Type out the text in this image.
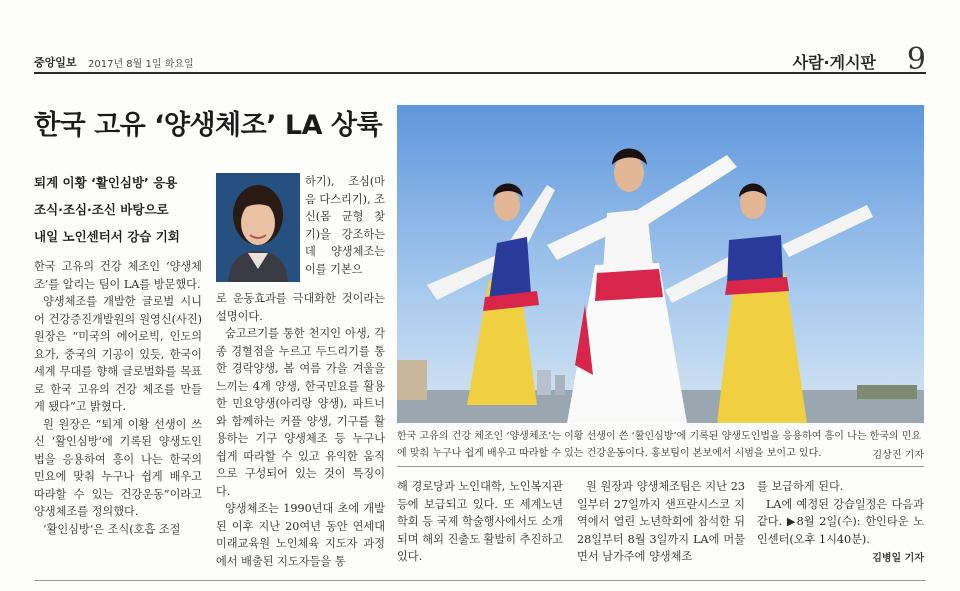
중앙일보 2017년 8월 1일 화요일	사람·게시판 9
한국 고유 ‘양생체조’ LA 상륙
퇴계 이황 ‘활인심방’ 응용
조식·조심·조신 바탕으로
내일 노인센터서 강습 기회

한국 고유의 건강 체조인 ‘양생체조’를 알리는 팀이 LA를 방문했다.

양생체조를 개발한 글로벌 시니어 건강증진개발원의 원영신(사진) 원장은 “미국의 에어로빅, 인도의 요가, 중국의 기공이 있듯, 한국이 세계 무대를 향해 글로벌화를 목표로 한국 고유의 건강 체조를 만들게 됐다”고 밝혔다.

원 원장은 “퇴계 이황 선생이 쓰신 ‘활인심방’에 기록된 양생도인법을 응용하여 흥이 나는 한국의 민요에 맞춰 누구나 쉽게 배우고 따라할 수 있는 건강운동”이라고 양생체조를 정의했다.

‘활인심방’은 조식(호흡 조절

하기), 조심(마음 다스리기), 조신(몸 균형 찾기)을 강조하는데 양생체조는 이를 기본으

로 운동효과를 극대화한 것이라는 설명이다.

숨고르기를 통한 천지인 아생, 각종 경혈점을 누르고 두드리기를 통한 경락양생, 봄 여름 가을 겨울을 느끼는 4계 양생, 한국민요를 활용한 민요양생(아리랑 양생), 파트너와 함께하는 커플 양생, 기구를 활용하는 기구 양생체조 등 누구나 쉽게 따라할 수 있고 유익한 움직으로 구성되어 있는 것이 특징이다.

양생체조는 1990년대 초에 개발된 이후 지난 20여년 동안 연세대 미래교육원 노인체육 지도자 과정에서 배출된 지도자들을 통

한국 고유의 건강 체조인 ‘양생체조’는 이황 선생이 쓴 ‘활인심방’에 기록된 양생도인법을 응용하여 흥이 나는 한국의 민요에 맞춰 누구나 쉽게 배우고 따라할 수 있는 건강운동이다. 홍보팀이 본보에서 시범을 보이고 있다.	김상진 기자

해 경로당과 노인대학, 노인복지관 등에 보급되고 있다. 또 세계노년학회 등 국제 학술행사에서도 소개되며 해외 진출도 활발히 추진하고 있다.

원 원장과 양생체조팀은 지난 23일부터 27일까지 샌프란시스코 지역에서 열린 노년학회에 참석한 뒤 28일부터 8월 3일까지 LA에 머물면서 남가주에 양생체조

를 보급하게 된다.

LA에 예정된 강습일정은 다음과 같다. ▶8월 2일(수): 한인타운 노인센터(오후 1시40분).

김병일 기자
